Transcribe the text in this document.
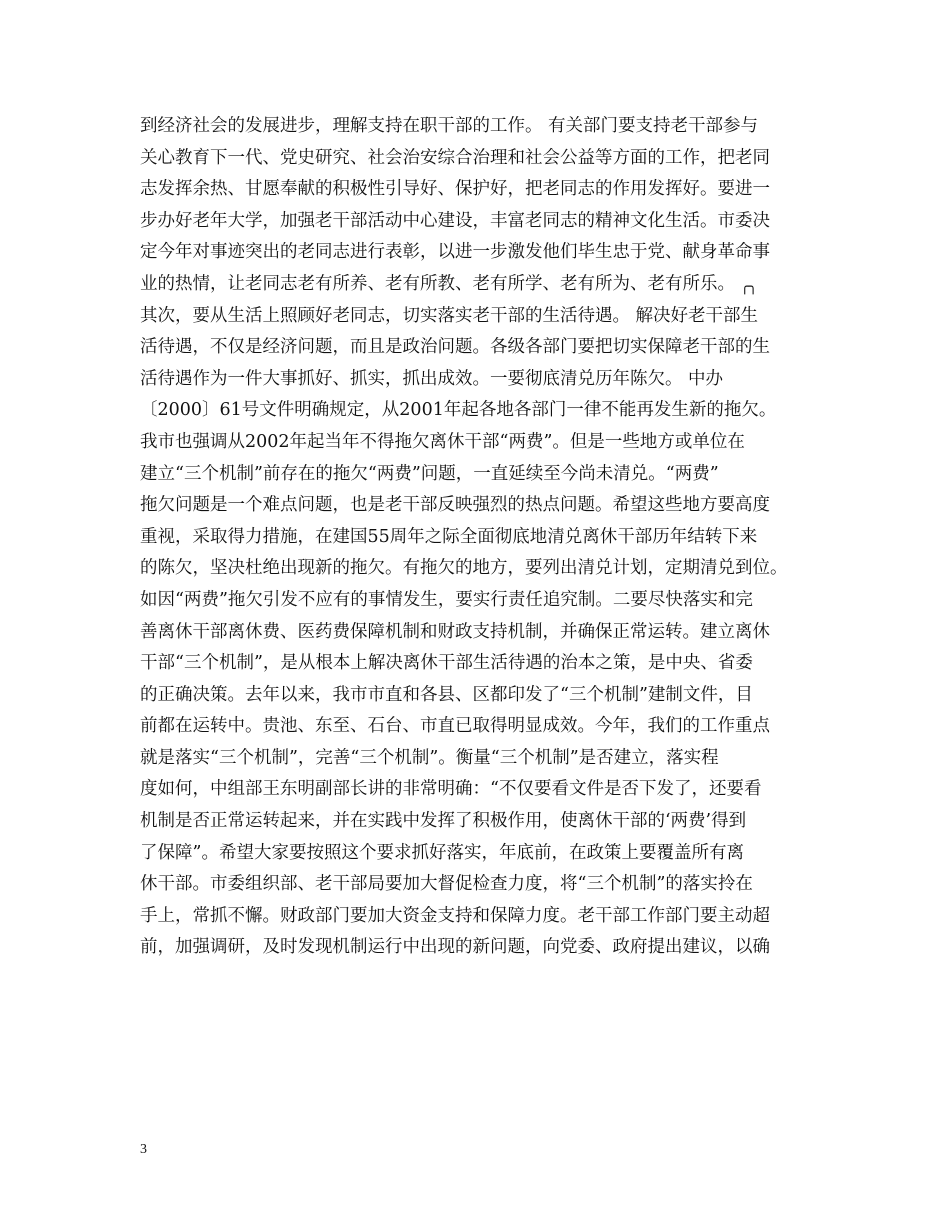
到经济社会的发展进步，理解支持在职干部的工作。 有关部门要支持老干部参与
关心教育下一代、党史研究、社会治安综合治理和社会公益等方面的工作，把老同
志发挥余热、甘愿奉献的积极性引导好、保护好，把老同志的作用发挥好。要进一
步办好老年大学，加强老干部活动中心建设，丰富老同志的精神文化生活。市委决
定今年对事迹突出的老同志进行表彰，以进一步激发他们毕生忠于党、献身革命事
业的热情，让老同志老有所养、老有所教、老有所学、老有所为、老有所乐。 ╭╮
其次，要从生活上照顾好老同志，切实落实老干部的生活待遇。 解决好老干部生
活待遇，不仅是经济问题，而且是政治问题。各级各部门要把切实保障老干部的生
活待遇作为一件大事抓好、抓实，抓出成效。一要彻底清兑历年陈欠。 中办
〔2000〕61号文件明确规定，从2001年起各地各部门一律不能再发生新的拖欠。
我市也强调从2002年起当年不得拖欠离休干部“两费”。但是一些地方或单位在
建立“三个机制”前存在的拖欠“两费”问题，一直延续至今尚未清兑。“两费”
拖欠问题是一个难点问题，也是老干部反映强烈的热点问题。希望这些地方要高度
重视，采取得力措施，在建国55周年之际全面彻底地清兑离休干部历年结转下来
的陈欠，坚决杜绝出现新的拖欠。有拖欠的地方，要列出清兑计划，定期清兑到位。
如因“两费”拖欠引发不应有的事情发生，要实行责任追究制。二要尽快落实和完
善离休干部离休费、医药费保障机制和财政支持机制，并确保正常运转。建立离休
干部“三个机制”，是从根本上解决离休干部生活待遇的治本之策，是中央、省委
的正确决策。去年以来，我市市直和各县、区都印发了“三个机制”建制文件，目
前都在运转中。贵池、东至、石台、市直已取得明显成效。今年，我们的工作重点
就是落实“三个机制”，完善“三个机制”。衡量“三个机制”是否建立，落实程
度如何，中组部王东明副部长讲的非常明确：“不仅要看文件是否下发了，还要看
机制是否正常运转起来，并在实践中发挥了积极作用，使离休干部的‘两费’得到
了保障”。希望大家要按照这个要求抓好落实，年底前，在政策上要覆盖所有离
休干部。市委组织部、老干部局要加大督促检查力度，将“三个机制”的落实拎在
手上，常抓不懈。财政部门要加大资金支持和保障力度。老干部工作部门要主动超
前，加强调研，及时发现机制运行中出现的新问题，向党委、政府提出建议，以确
3
